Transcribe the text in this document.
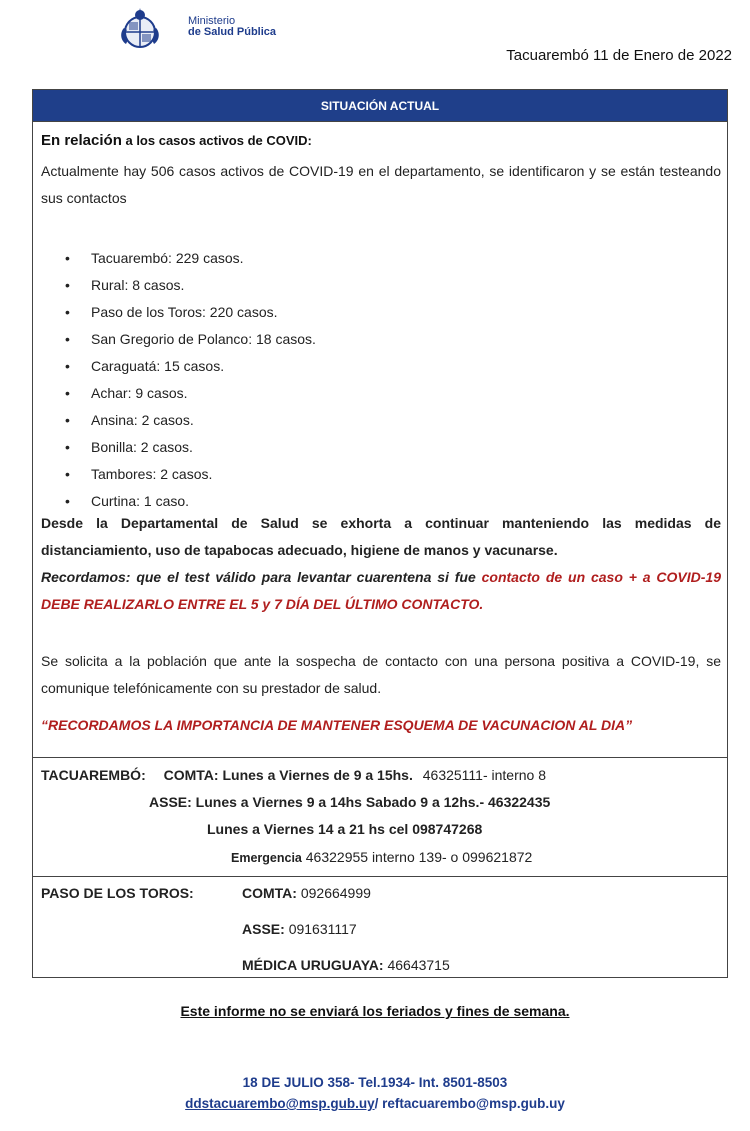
Ministerio
de Salud Pública
Tacuarembó 11 de Enero de 2022
SITUACIÓN ACTUAL
En relación a los casos activos de COVID:
Actualmente hay 506 casos activos de COVID-19 en el departamento, se identificaron y se están testeando sus contactos
• Tacuarembó: 229 casos.
• Rural: 8 casos.
• Paso de los Toros: 220 casos.
• San Gregorio de Polanco: 18 casos.
• Caraguatá: 15 casos.
• Achar: 9 casos.
• Ansina: 2 casos.
• Bonilla: 2 casos.
• Tambores: 2 casos.
• Curtina: 1 caso.
Desde la Departamental de Salud se exhorta a continuar manteniendo las medidas de distanciamiento, uso de tapabocas adecuado, higiene de manos y vacunarse.
Recordamos: que el test válido para levantar cuarentena si fue contacto de un caso + a COVID-19 DEBE REALIZARLO ENTRE EL 5 y 7 DÍA DEL ÚLTIMO CONTACTO.
Se solicita a la población que ante la sospecha de contacto con una persona positiva a COVID-19, se comunique telefónicamente con su prestador de salud.
“RECORDAMOS LA IMPORTANCIA DE MANTENER ESQUEMA DE VACUNACION AL DIA”
TACUAREMBÓ: COMTA: Lunes a Viernes de 9 a 15hs. 46325111- interno 8
ASSE: Lunes a Viernes 9 a 14hs Sabado 9 a 12hs.- 46322435
Lunes a Viernes 14 a 21 hs cel 098747268
Emergencia 46322955 interno 139- o 099621872
PASO DE LOS TOROS:	COMTA: 092664999
ASSE: 091631117
MÉDICA URUGUAYA: 46643715
Este informe no se enviará los feriados y fines de semana.
18 DE JULIO 358- Tel.1934- Int. 8501-8503
ddstacuarembo@msp.gub.uy/ reftacuarembo@msp.gub.uy
